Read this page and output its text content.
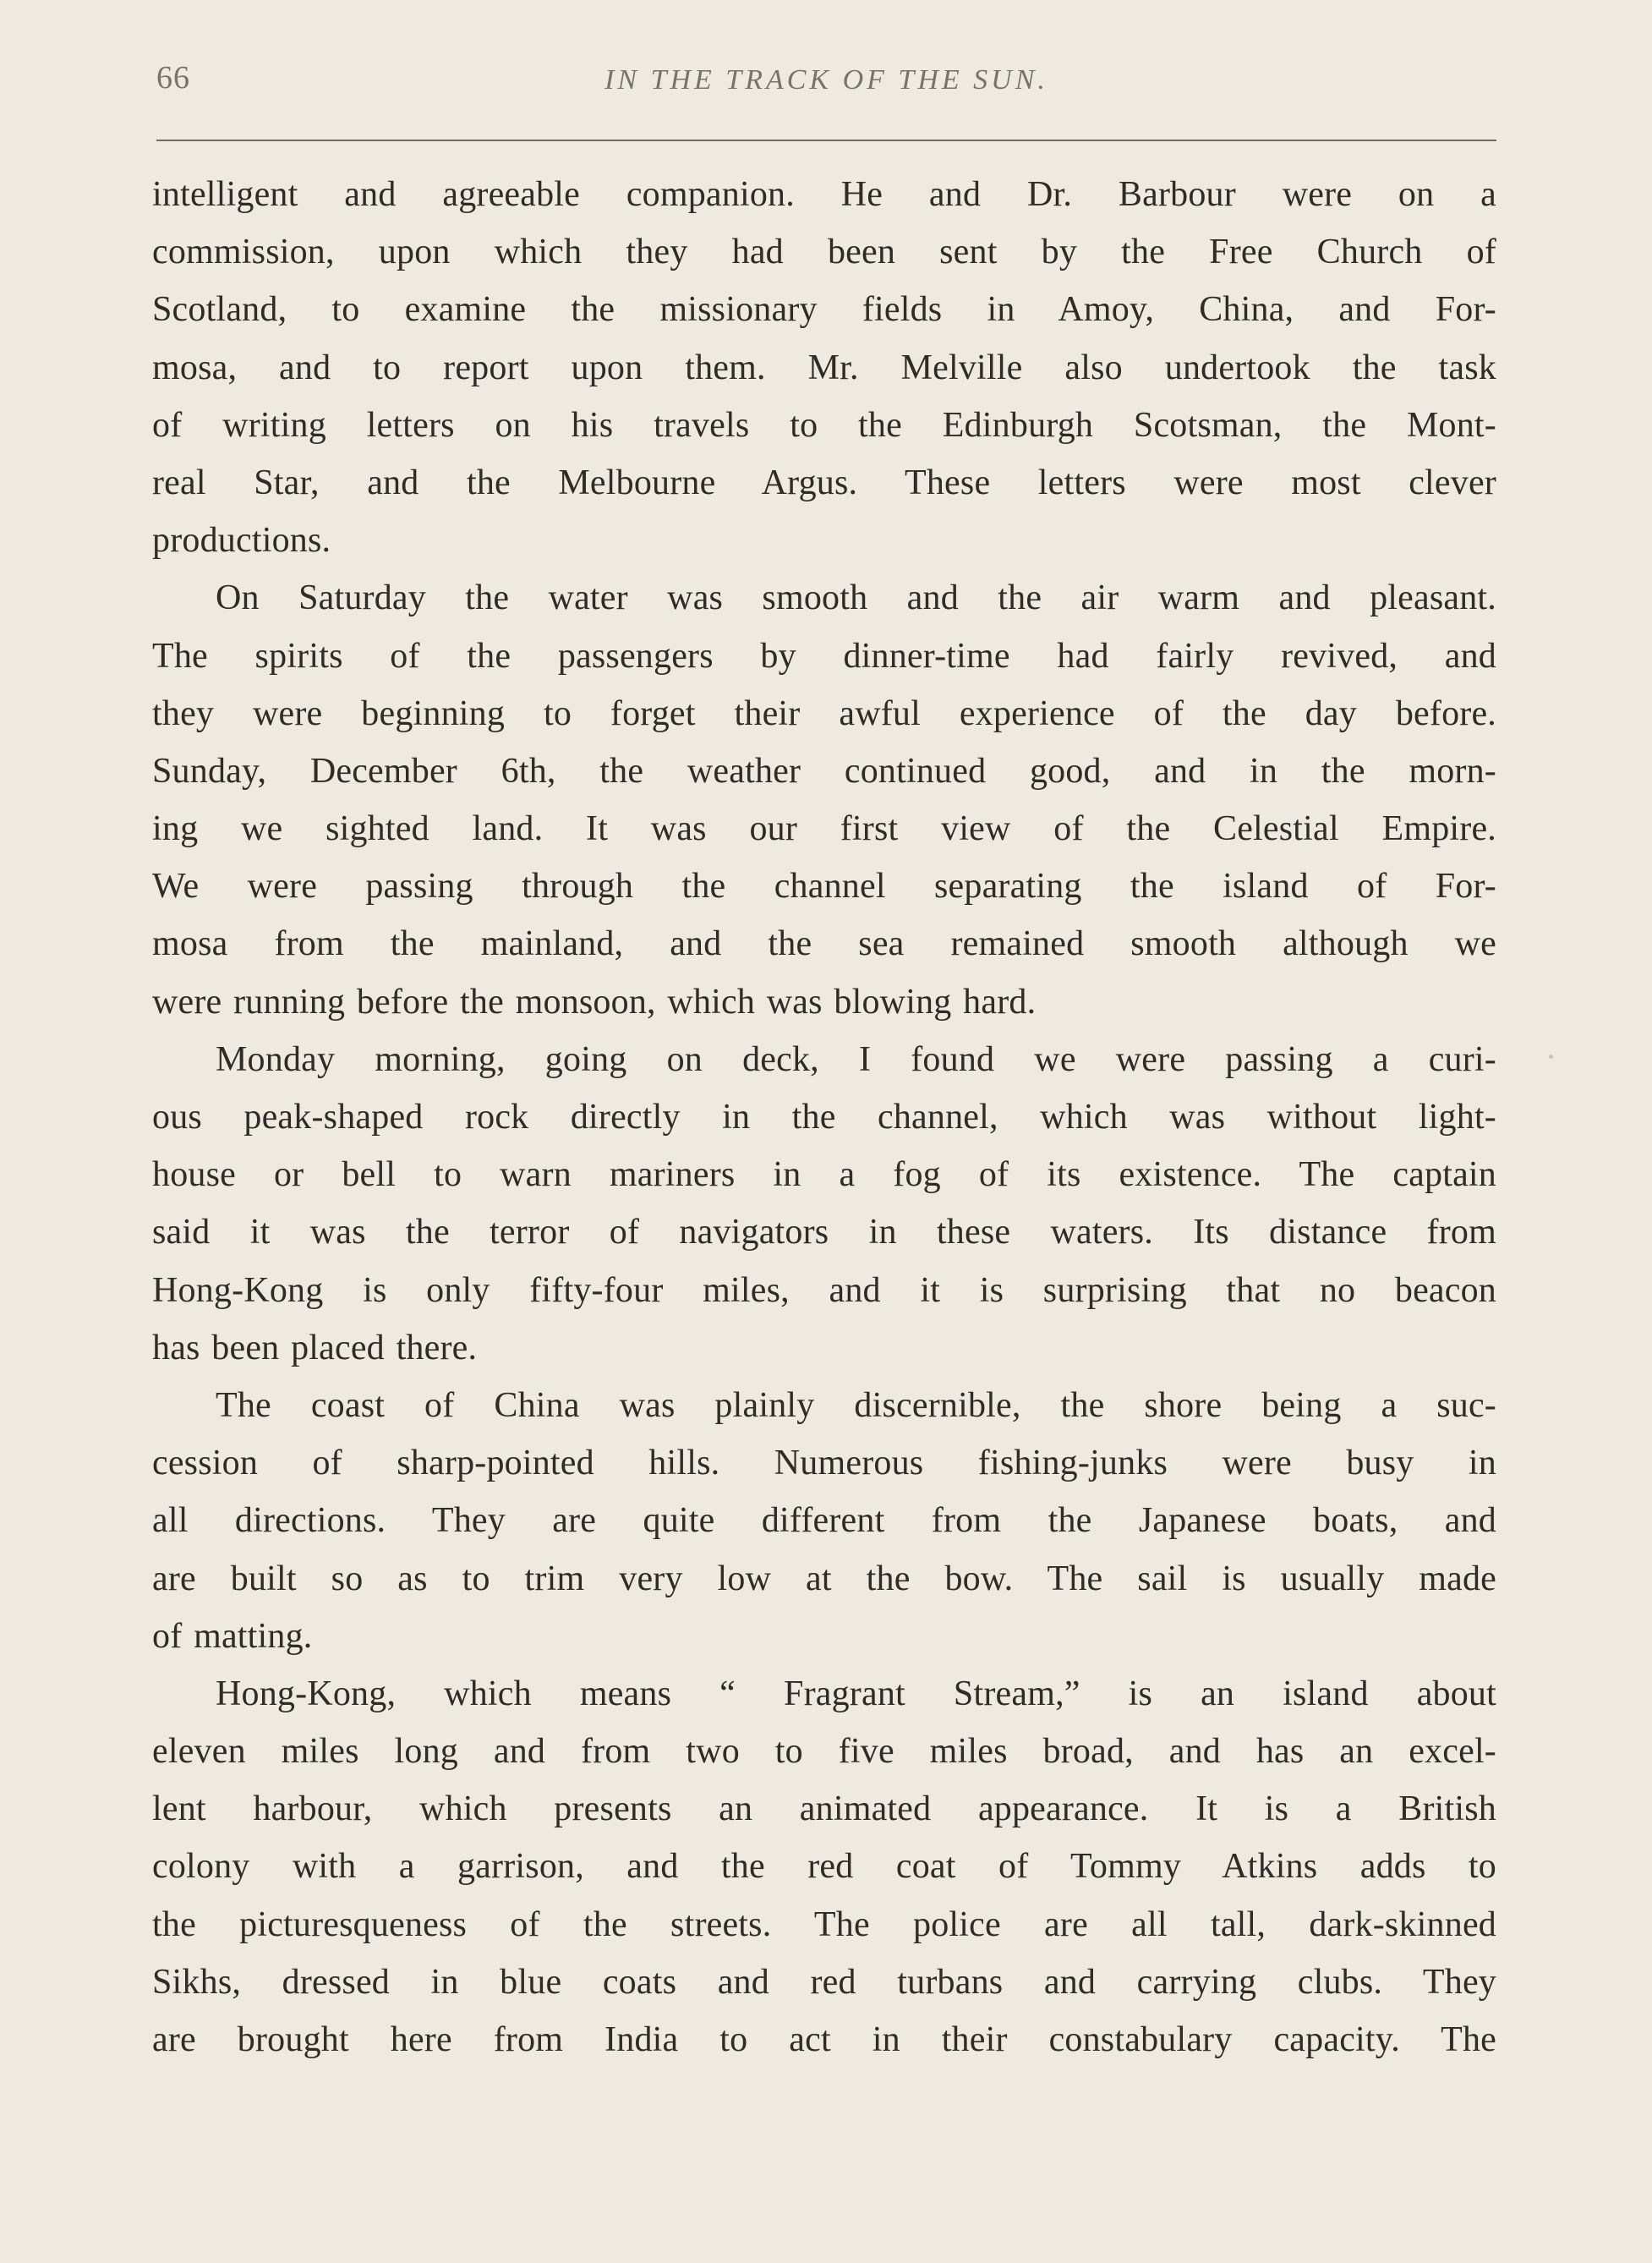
66	IN THE TRACK OF THE SUN.
intelligent and agreeable companion. He and Dr. Barbour were on a
commission, upon which they had been sent by the Free Church of
Scotland, to examine the missionary fields in Amoy, China, and For-
mosa, and to report upon them. Mr. Melville also undertook the task
of writing letters on his travels to the Edinburgh Scotsman, the Mont-
real Star, and the Melbourne Argus. These letters were most clever
productions.
On Saturday the water was smooth and the air warm and pleasant.
The spirits of the passengers by dinner-time had fairly revived, and
they were beginning to forget their awful experience of the day before.
Sunday, December 6th, the weather continued good, and in the morn-
ing we sighted land. It was our first view of the Celestial Empire.
We were passing through the channel separating the island of For-
mosa from the mainland, and the sea remained smooth although we
were running before the monsoon, which was blowing hard.
Monday morning, going on deck, I found we were passing a curi-
ous peak-shaped rock directly in the channel, which was without light-
house or bell to warn mariners in a fog of its existence. The captain
said it was the terror of navigators in these waters. Its distance from
Hong-Kong is only fifty-four miles, and it is surprising that no beacon
has been placed there.
The coast of China was plainly discernible, the shore being a suc-
cession of sharp-pointed hills. Numerous fishing-junks were busy in
all directions. They are quite different from the Japanese boats, and
are built so as to trim very low at the bow. The sail is usually made
of matting.
Hong-Kong, which means “ Fragrant Stream,” is an island about
eleven miles long and from two to five miles broad, and has an excel-
lent harbour, which presents an animated appearance. It is a British
colony with a garrison, and the red coat of Tommy Atkins adds to
the picturesqueness of the streets. The police are all tall, dark-skinned
Sikhs, dressed in blue coats and red turbans and carrying clubs. They
are brought here from India to act in their constabulary capacity. The
